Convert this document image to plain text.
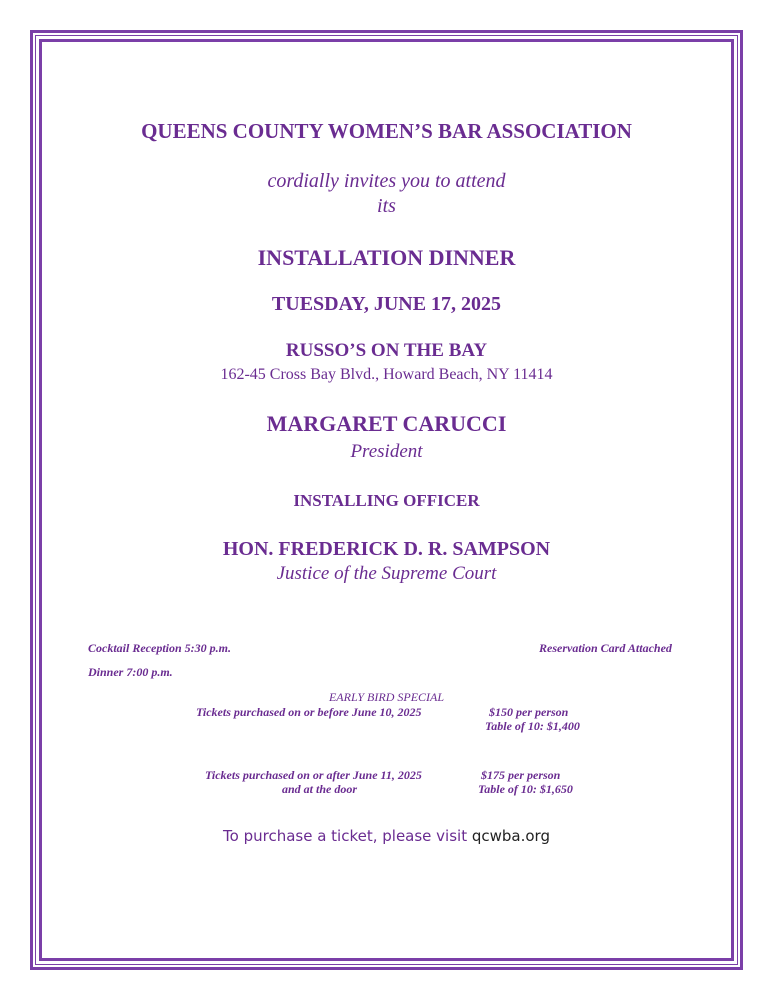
QUEENS COUNTY WOMEN’S BAR ASSOCIATION
cordially invites you to attend
its
INSTALLATION DINNER
TUESDAY, JUNE 17, 2025
RUSSO’S ON THE BAY
162-45 Cross Bay Blvd., Howard Beach, NY 11414
MARGARET CARUCCI
President
INSTALLING OFFICER
HON. FREDERICK D. R. SAMPSON
Justice of the Supreme Court
Cocktail Reception 5:30 p.m.	Reservation Card Attached
Dinner 7:00 p.m.
EARLY BIRD SPECIAL
Tickets purchased on or before June 10, 2025	$150 per person
Table of 10: $1,400
Tickets purchased on or after June 11, 2025
and at the door
$175 per person
Table of 10: $1,650
To purchase a ticket, please visit qcwba.org
